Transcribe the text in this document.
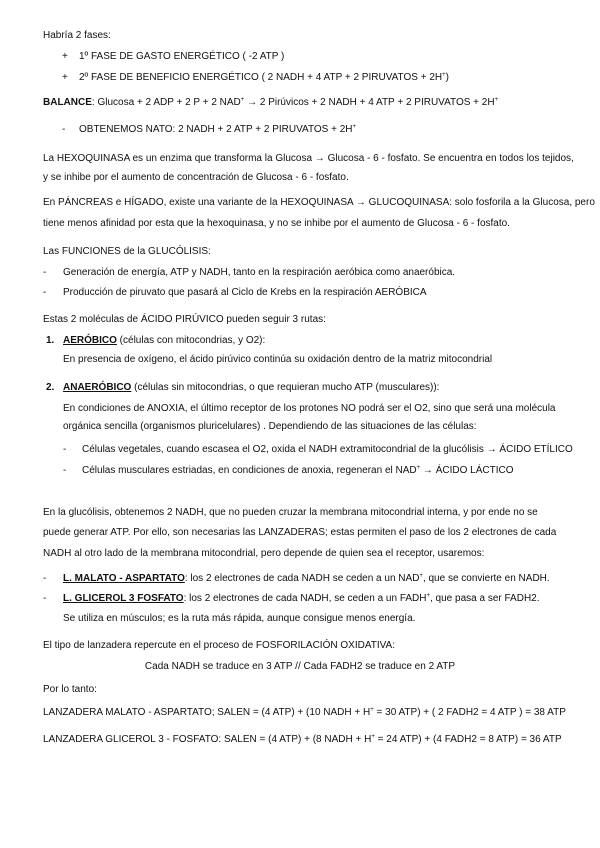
Habría 2 fases:
+ 1º FASE DE GASTO ENERGÉTICO ( -2 ATP )
+ 2º FASE DE BENEFICIO ENERGÉTICO ( 2 NADH + 4 ATP + 2 PIRUVATOS + 2H+)
BALANCE: Glucosa + 2 ADP + 2 P + 2 NAD+ → 2 Pirúvicos + 2 NADH + 4 ATP + 2 PIRUVATOS + 2H+
- OBTENEMOS NATO: 2 NADH + 2 ATP + 2 PIRUVATOS + 2H+
La HEXOQUINASA es un enzima que transforma la Glucosa → Glucosa - 6 - fosfato. Se encuentra en todos los tejidos,
y se inhibe por el aumento de concentración de Glucosa - 6 - fosfato.
En PÁNCREAS e HÍGADO, existe una variante de la HEXOQUINASA → GLUCOQUINASA: solo fosforila a la Glucosa, pero
tiene menos afinidad por esta que la hexoquinasa, y no se inhibe por el aumento de Glucosa - 6 - fosfato.
Las FUNCIONES de la GLUCÓLISIS:
- Generación de energía, ATP y NADH, tanto en la respiración aeróbica como anaeróbica.
- Producción de piruvato que pasará al Ciclo de Krebs en la respiración AERÓBICA
Estas 2 moléculas de ÁCIDO PIRÚVICO pueden seguir 3 rutas:
1. AERÓBICO (células con mitocondrias, y O2):
En presencia de oxígeno, el ácido pirúvico continúa su oxidación dentro de la matriz mitocondrial
2. ANAERÓBICO (células sin mitocondrias, o que requieran mucho ATP (musculares)):
En condiciones de ANOXIA, el último receptor de los protones NO podrá ser el O2, sino que será una molécula
orgánica sencilla (organismos pluricelulares) . Dependiendo de las situaciones de las células:
- Células vegetales, cuando escasea el O2, oxida el NADH extramitocondrial de la glucólisis → ÁCIDO ETÍLICO
- Células musculares estriadas, en condiciones de anoxia, regeneran el NAD+ → ÁCIDO LÁCTICO
En la glucólisis, obtenemos 2 NADH, que no pueden cruzar la membrana mitocondrial interna, y por ende no se
puede generar ATP. Por ello, son necesarias las LANZADERAS; estas permiten el paso de los 2 electrones de cada
NADH al otro lado de la membrana mitocondrial, pero depende de quien sea el receptor, usaremos:
- L. MALATO - ASPARTATO: los 2 electrones de cada NADH se ceden a un NAD+, que se convierte en NADH.
- L. GLICEROL 3 FOSFATO: los 2 electrones de cada NADH, se ceden a un FADH+, que pasa a ser FADH2.
Se utiliza en músculos; es la ruta más rápida, aunque consigue menos energía.
El tipo de lanzadera repercute en el proceso de FOSFORILACIÓN OXIDATIVA:
Cada NADH se traduce en 3 ATP // Cada FADH2 se traduce en 2 ATP
Por lo tanto:
LANZADERA MALATO - ASPARTATO; SALEN = (4 ATP) + (10 NADH + H+ = 30 ATP) + ( 2 FADH2 = 4 ATP ) = 38 ATP
LANZADERA GLICEROL 3 - FOSFATO: SALEN = (4 ATP) + (8 NADH + H+ = 24 ATP) + (4 FADH2 = 8 ATP) = 36 ATP
